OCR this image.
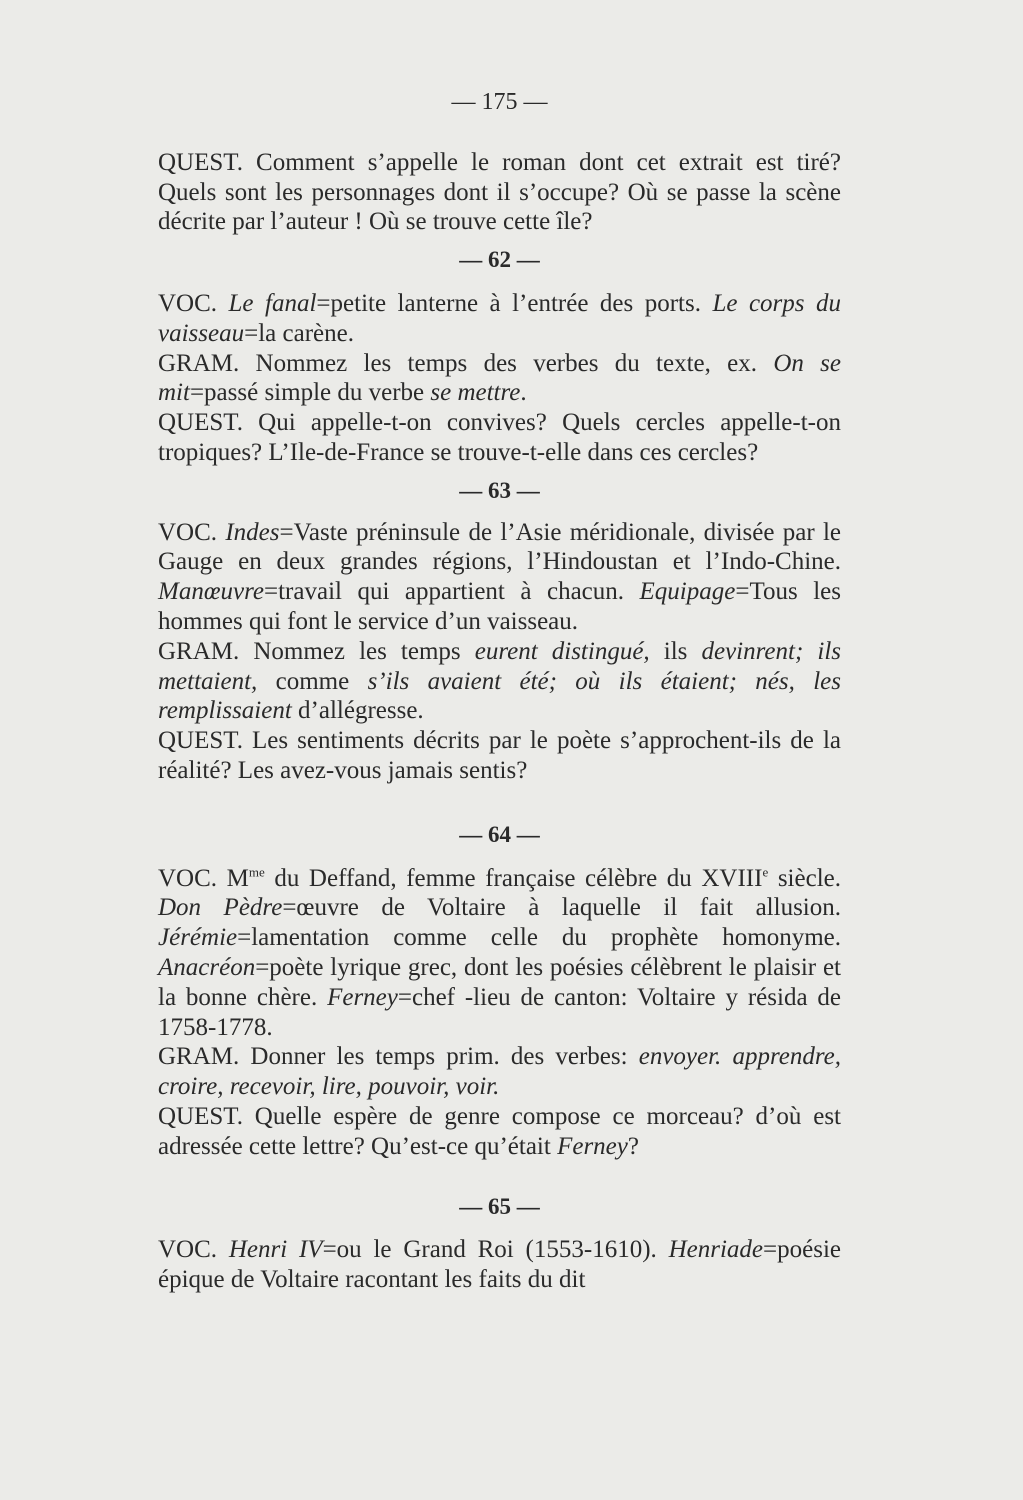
— 175 —

QUEST. Comment s’appelle le roman dont cet extrait est tiré? Quels sont les personnages dont il s’occupe? Où se passe la scène décrite par l’auteur ! Où se trouve cette île?

— 62 —

VOC. Le fanal=petite lanterne à l’entrée des ports. Le corps du vaisseau=la carène.

GRAM. Nommez les temps des verbes du texte, ex. On se mit=passé simple du verbe se mettre.

QUEST. Qui appelle-t-on convives? Quels cercles appelle-t-on tropiques? L’Ile-de-France se trouve-t-elle dans ces cercles?

— 63 —

VOC. Indes=Vaste préninsule de l’Asie méridionale, divisée par le Gauge en deux grandes régions, l’Hindoustan et l’Indo-Chine. Manœuvre=travail qui appartient à chacun. Equipage=Tous les hommes qui font le service d’un vaisseau.

GRAM. Nommez les temps eurent distingué, ils devinrent; ils mettaient, comme s’ils avaient été; où ils étaient; nés, les remplissaient d’allégresse.

QUEST. Les sentiments décrits par le poète s’approchent-ils de la réalité? Les avez-vous jamais sentis?

— 64 —

VOC. $M^{me}$ du Deffand, femme française célèbre du XVIIIe siècle. Don Pèdre=œuvre de Voltaire à laquelle il fait allusion. Jérémie=lamentation comme celle du prophète homonyme. Anacréon=poète lyrique grec, dont les poésies célèbrent le plaisir et la bonne chère. Ferney=chef -lieu de canton: Voltaire y résida de 1758-1778.

GRAM. Donner les temps prim. des verbes: envoyer. apprendre, croire, recevoir, lire, pouvoir, voir.

QUEST. Quelle espère de genre compose ce morceau? d’où est adressée cette lettre? Qu’est-ce qu’était Ferney?

— 65 —

VOC. Henri IV=ou le Grand Roi (1553-1610). Henriade=poésie épique de Voltaire racontant les faits du dit
